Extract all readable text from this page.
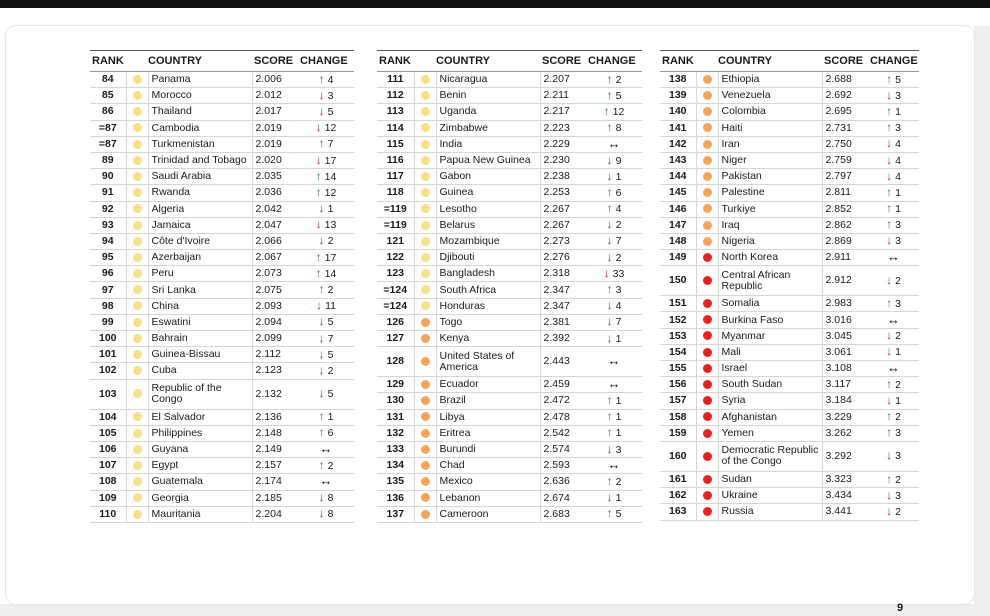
9
RANK	COUNTRY		SCORE	CHANGE
84		Panama	2.006	↑ 4
85		Morocco	2.012	↓ 3
86		Thailand	2.017	↓ 5
=87		Cambodia	2.019	↓ 12
=87		Turkmenistan	2.019	↑ 7
89		Trinidad and Tobago	2.020	↓ 17
90		Saudi Arabia	2.035	↑ 14
91		Rwanda	2.036	↑ 12
92		Algeria	2.042	↓ 1
93		Jamaica	2.047	↓ 13
94		Côte d'Ivoire	2.066	↓ 2
95		Azerbaijan	2.067	↑ 17
96		Peru	2.073	↑ 14
97		Sri Lanka	2.075	↑ 2
98		China	2.093	↓ 11
99		Eswatini	2.094	↓ 5
100		Bahrain	2.099	↓ 7
101		Guinea-Bissau	2.112	↓ 5
102		Cuba	2.123	↓ 2
103		Republic of the Congo	2.132	↓ 5
104		El Salvador	2.136	↑ 1
105		Philippines	2.148	↑ 6
106		Guyana	2.149	↔
107		Egypt	2.157	↑ 2
108		Guatemala	2.174	↔
109		Georgia	2.185	↓ 8
110		Mauritania	2.204	↓ 8
RANK	COUNTRY		SCORE	CHANGE
111		Nicaragua	2.207	↑ 2
112		Benin	2.211	↑ 5
113		Uganda	2.217	↑ 12
114		Zimbabwe	2.223	↑ 8
115		India	2.229	↔
116		Papua New Guinea	2.230	↓ 9
117		Gabon	2.238	↓ 1
118		Guinea	2.253	↑ 6
=119		Lesotho	2.267	↑ 4
=119		Belarus	2.267	↓ 2
121		Mozambique	2.273	↓ 7
122		Djibouti	2.276	↓ 2
123		Bangladesh	2.318	↓ 33
=124		South Africa	2.347	↑ 3
=124		Honduras	2.347	↓ 4
126		Togo	2.381	↓ 7
127		Kenya	2.392	↓ 1
128		United States of America	2.443	↔
129		Ecuador	2.459	↔
130		Brazil	2.472	↑ 1
131		Libya	2.478	↑ 1
132		Eritrea	2.542	↑ 1
133		Burundi	2.574	↓ 3
134		Chad	2.593	↔
135		Mexico	2.636	↑ 2
136		Lebanon	2.674	↓ 1
137		Cameroon	2.683	↑ 5
RANK	COUNTRY		SCORE	CHANGE
138		Ethiopia	2.688	↑ 5
139		Venezuela	2.692	↓ 3
140		Colombia	2.695	↑ 1
141		Haiti	2.731	↑ 3
142		Iran	2.750	↓ 4
143		Niger	2.759	↓ 4
144		Pakistan	2.797	↓ 4
145		Palestine	2.811	↑ 1
146		Turkiye	2.852	↑ 1
147		Iraq	2.862	↑ 3
148		Nigeria	2.869	↓ 3
149		North Korea	2.911	↔
150		Central African Republic	2.912	↓ 2
151		Somalia	2.983	↑ 3
152		Burkina Faso	3.016	↔
153		Myanmar	3.045	↓ 2
154		Mali	3.061	↓ 1
155		Israel	3.108	↔
156		South Sudan	3.117	↑ 2
157		Syria	3.184	↓ 1
158		Afghanistan	3.229	↑ 2
159		Yemen	3.262	↑ 3
160		Democratic Republic of the Congo	3.292	↓ 3
161		Sudan	3.323	↑ 2
162		Ukraine	3.434	↓ 3
163		Russia	3.441	↓ 2
